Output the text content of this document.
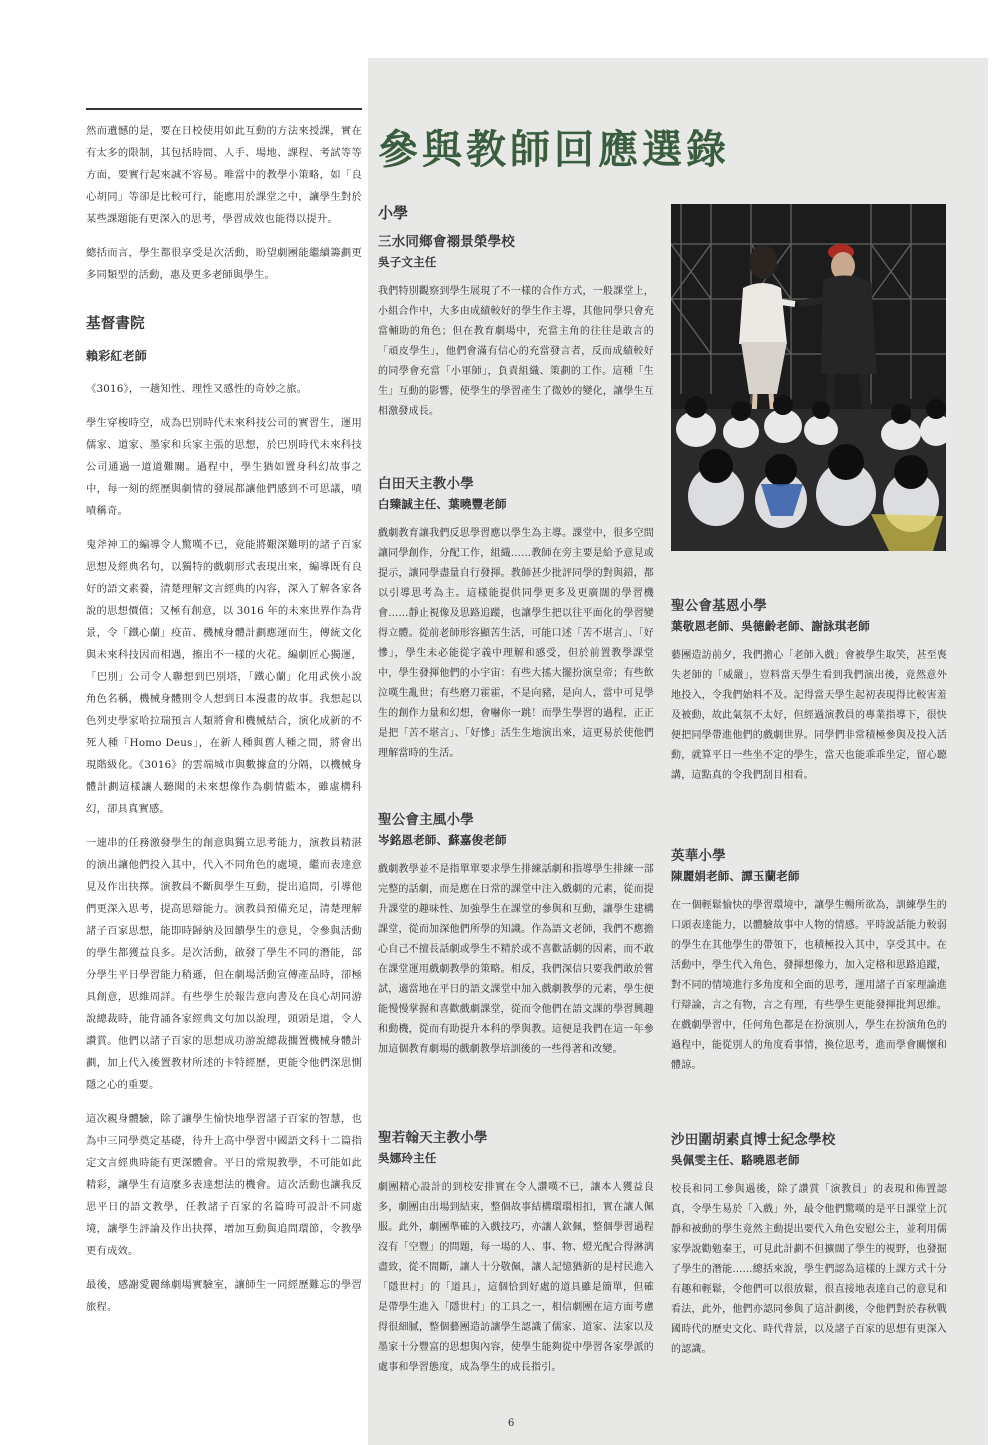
然而遺憾的是，要在日校使用如此互動的方法來授課，實在有太多的限制，其包括時間、人手、場地、課程、考試等等方面，要實行起來誠不容易。唯當中的教學小策略，如「良心胡同」等卻是比較可行，能應用於課堂之中，讓學生對於某些課題能有更深入的思考，學習成效也能得以提升。

總括而言，學生都很享受是次活動，盼望劇團能繼續籌劃更多同類型的活動，惠及更多老師與學生。

基督書院

賴彩紅老師

《3016》，一趟知性、理性又感性的奇妙之旅。

學生穿梭時空，成為巴別時代未來科技公司的實習生，運用儒家、道家、墨家和兵家主張的思想，於巴別時代未來科技公司通過一道道難關。過程中，學生猶如置身科幻故事之中，每一刻的經歷與劇情的發展都讓他們感到不可思議，嘖嘖稱奇。

鬼斧神工的編導令人驚嘆不已，竟能將艱深難明的諸子百家思想及經典名句，以獨特的戲劇形式表現出來，編導既有良好的語文素養，清楚理解文言經典的內容，深入了解各家各說的思想價值；又極有創意，以 3016 年的未來世界作為背景，令「鐵心蘭」疫苗、機械身體計劃應運而生，傳統文化與未來科技因而相遇，擦出不一樣的火花。編劇匠心獨運，「巴別」公司令人聯想到巴別塔，「鐵心蘭」化用武俠小說角色名稱，機械身體則令人想到日本漫畫的故事。我想起以色列史學家哈拉瑞預言人類將會和機械結合，演化成新的不死人種「Homo Deus」，在新人種與舊人種之間，將會出現階級化。《3016》的雲端城市與數據盒的分隔，以機械身體計劃這樣讓人聽聞的未來想像作為劇情藍本，雖虛構科幻，卻具真實感。

一連串的任務激發學生的創意與獨立思考能力，演教員精湛的演出讓他們投入其中，代入不同角色的處境，繼而表達意見及作出抉擇。演教員不斷與學生互動，提出追問，引導他們更深入思考，提高思辯能力。演教員預備充足，清楚理解諸子百家思想，能即時歸納及回饋學生的意見，令參與活動的學生都獲益良多。是次活動，啟發了學生不同的潛能，部分學生平日學習能力稍遜，但在劇場活動宣傳產品時，卻極具創意，思維周詳。有些學生於報告意向書及在良心胡同游說總裁時，能背誦各家經典文句加以說理，頭頭是道，令人讚賞。他們以諸子百家的思想成功游說總裁擱置機械身體計劃，加上代入後置教材所述的卡特經歷，更能令他們深思惻隱之心的重要。

這次親身體驗，除了讓學生愉快地學習諸子百家的智慧，也為中三同學奠定基礎，待升上高中學習中國語文科十二篇指定文言經典時能有更深體會。平日的常規教學，不可能如此精彩，讓學生有這麼多表達想法的機會。這次活動也讓我反思平日的語文教學，任教諸子百家的名篇時可設計不同處境，讓學生評論及作出抉擇，增加互動與追問環節，令教學更有成效。

最後，感謝愛麗絲劇場實驗室，讓師生一同經歷難忘的學習旅程。

參與教師回應選錄
小學

三水同鄉會禤景榮學校

吳子文主任

我們特別觀察到學生展現了不一樣的合作方式，一般課堂上，小組合作中，大多由成績較好的學生作主導，其他同學只會充當輔助的角色；但在教育劇場中，充當主角的往往是敢言的「頑皮學生」，他們會滿有信心的充當發言者，反而成績較好的同學會充當「小軍師」，負責組織、策劃的工作。這種「生生」互動的影響，使學生的學習產生了微妙的變化，讓學生互相激發成長。

白田天主教小學

白臻誠主任、葉曉豐老師

戲劇教育讓我們反思學習應以學生為主導。課堂中，很多空間讓同學創作，分配工作，組織……教師在旁主要是給予意見或提示，讓同學盡量自行發揮。教師甚少批評同學的對與錯，都以引導思考為主。這樣能提供同學更多及更廣闊的學習機會……靜止視像及思路追蹤，也讓學生把以往平面化的學習變得立體。從前老師形容顯苦生活，可能口述「苦不堪言」、「好慘」，學生未必能從字義中理解和感受，但於前置教學課堂中，學生發揮他們的小宇宙：有些大搖大擺扮演皇帝；有些飲泣嘆生亂世；有些磨刀霍霍，不是向豬，是向人，當中可見學生的創作力量和幻想，會嚇你一跳！而學生學習的過程，正正是把「苦不堪言」、「好慘」活生生地演出來，這更易於使他們理解當時的生活。

聖公會主風小學

岑銘恩老師、蘇嘉俊老師

戲劇教學並不是指單單要求學生排練話劇和指導學生排練一部完整的話劇，而是應在日常的課堂中注入戲劇的元素，從而提升課堂的趣味性、加強學生在課堂的參與和互動，讓學生建構課堂，從而加深他們所學的知識。作為語文老師，我們不應擔心自己不擅長話劇或學生不精於或不喜歡話劇的因素，而不敢在課堂運用戲劇教學的策略。相反，我們深信只要我們敢於嘗試，適當地在平日的語文課堂中加入戲劇教學的元素，學生便能慢慢掌握和喜歡戲劇課堂，從而令他們在語文課的學習興趣和動機，從而有助提升本科的學與教。這便是我們在這一年參加這個教育劇場的戲劇教學培訓後的一些得著和改變。

聖若翰天主教小學

吳娜玲主任

劇團精心設計的到校安排實在令人讚嘆不已，讓本人獲益良多，劇團由出場到結束，整個故事結構環環相扣，實在讓人佩服。此外，劇團準確的入戲技巧，亦讓人欽佩，整個學習過程沒有「空豐」的問題，每一場的人、事、物、燈光配合得淋漓盡致，從不間斷，讓人十分敬佩，讓人記憶猶新的是村民進入「隱世村」的「道具」，這個恰到好處的道具雖是簡單，但確是帶學生進入「隱世村」的工具之一，相信劇團在這方面考慮得很細膩，整個藝團造訪讓學生認識了儒家、道家、法家以及墨家十分豐富的思想與內容，使學生能夠從中學習各家學派的處事和學習態度，成為學生的成長指引。

聖公會基恩小學

葉敬恩老師、吳德齡老師、謝詠琪老師

藝團造訪前夕，我們擔心「老師入戲」會被學生取笑，甚至喪失老師的「威嚴」，豈料當天學生看到我們演出後，竟然意外地投入，令我們始料不及。記得當天學生起初表現得比較害羞及被動，故此氣氛不太好，但經過演教員的專業指導下，很快便把同學帶進他們的戲劇世界。同學們非常積極參與及投入活動，就算平日一些坐不定的學生，當天也能乖乖坐定，留心聽講，這點真的令我們刮目相看。

英華小學

陳麗娟老師、譚玉蘭老師

在一個輕鬆愉快的學習環境中，讓學生暢所欲為，訓練學生的口頭表達能力，以體驗故事中人物的情感。平時說話能力較弱的學生在其他學生的帶領下，也積極投入其中，享受其中。在活動中，學生代入角色，發揮想像力，加入定格和思路追蹤，對不同的情境進行多角度和全面的思考，運用諸子百家理論進行辯論，言之有物，言之有理，有些學生更能發揮批判思維。在戲劇學習中，任何角色都是在扮演別人，學生在扮演角色的過程中，能從別人的角度看事情，換位思考，進而學會關懷和體諒。

沙田圍胡素貞博士紀念學校

吳佩雯主任、駱曉恩老師

校長和同工參與過後，除了讚賞「演教員」的表現和佈置認真，令學生易於「入戲」外，最令他們驚嘆的是平日課堂上沉靜和被動的學生竟然主動提出要代入角色安慰公主，並利用儒家學說勸勉秦王，可見此計劃不但擴闊了學生的視野，也發掘了學生的潛能……總括來說，學生們認為這樣的上課方式十分有趣和輕鬆，令他們可以很放鬆，很直接地表達自己的意見和看法，此外，他們亦認同參與了這計劃後，令他們對於春秋戰國時代的歷史文化、時代背景，以及諸子百家的思想有更深入的認識。

6
